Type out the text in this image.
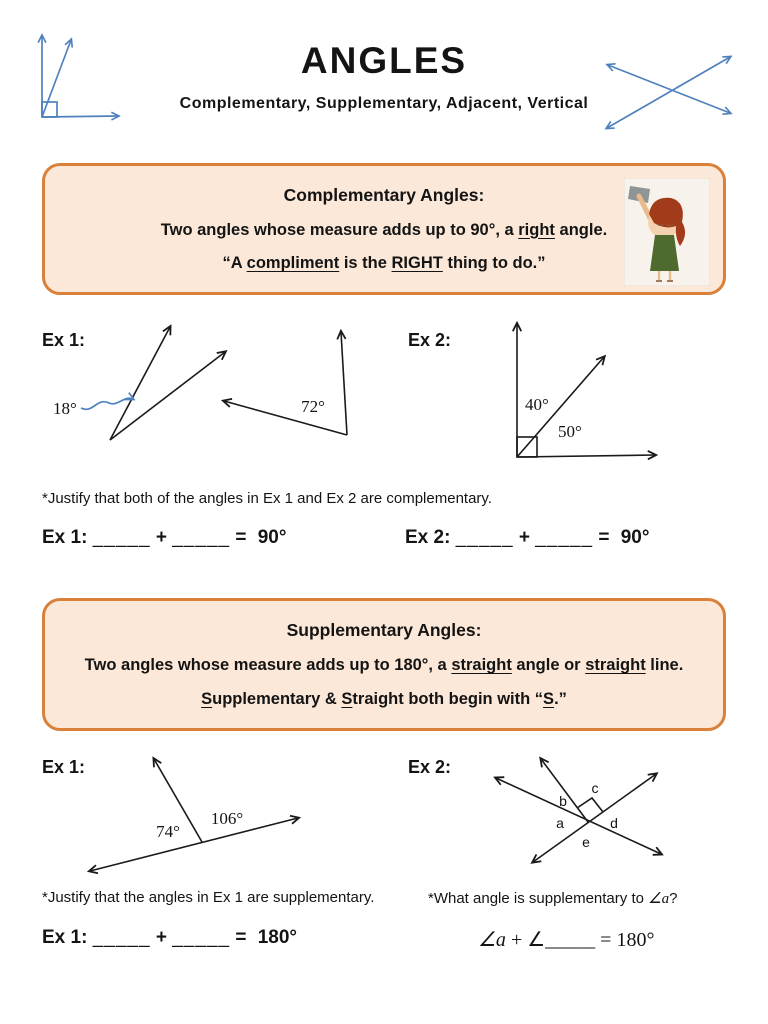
ANGLES
Complementary, Supplementary, Adjacent, Vertical
Complementary Angles:
Two angles whose measure adds up to 90°, a right angle.
“A compliment is the RIGHT thing to do.”
Ex 1:	Ex 2:
18°	72°	40°
50°
*Justify that both of the angles in Ex 1 and Ex 2 are complementary.
Ex 1: _____ + _____ = 90°	Ex 2: _____ + _____ = 90°
Supplementary Angles:
Two angles whose measure adds up to 180°, a straight angle or straight line.
Supplementary & Straight both begin with “S.”
Ex 1:	Ex 2:
74°
106°
b
c
a	d
e
*Justify that the angles in Ex 1 are supplementary.	*What angle is supplementary to ∠a?
Ex 1: _____ + _____ = 180°	∠a + ∠_____ = 180°
